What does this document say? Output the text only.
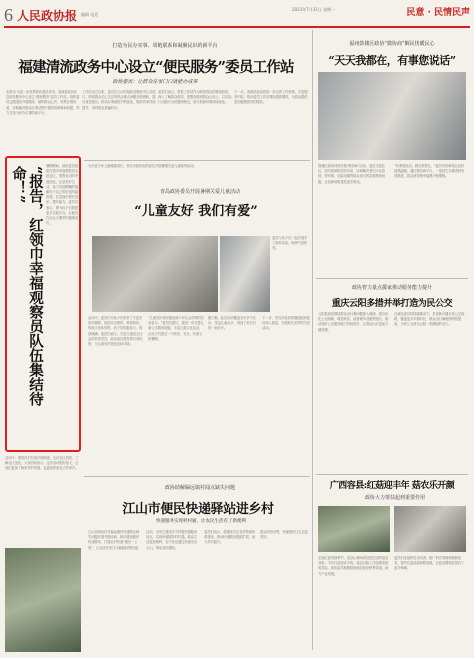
6 人民政协报 编辑 电话
2023年7月31日 星期一	民意 · 民情民声
打造为民办实事、周链联系和凝聚民识的新平台
福建清流政务中心设立“便民服务”委员工作站
政协委员：让群众在家门口就能办成事
本报讯 为进一步发挥政协委员作用，清流县政协在县政务服务中心设立“便民服务”委员工作站，组织委员定期进站开展服务，倾听群众心声，收集社情民意，协助解决群众办事过程中遇到的困难和问题，努力打造为民办实事的新平台。
工作站设立以来，委员们主动对接政务服务中心各窗口，围绕群众关心关注的热点难点问题开展调研，提出意见建议，推动办事流程不断优化，服务效率持续提升，得到群众普遍好评。
委员们表示，将把工作站作为联系群众的桥梁纽带，深入了解群众需求，把服务做到群众心坎上，以实际行动践行为民履职理念，助力营商环境持续优化。
下一步，清流县政协将进一步完善工作机制，丰富服务内容，推动委员工作站建设提质增效，为群众提供更加便捷高效的服务。
福州鼓楼区政协“微协商”解民忧暖民心
“天天我都在，有事您说话”
鼓楼区政协持续开展“微协商”活动，委员走进社区，面对面倾听居民诉求，协商解决老旧小区改造、停车难、加装电梯等群众身边的急难愁盼问题，让协商成果惠及更多群众。
“有事您说话，我们来帮忙。”委员们的承诺让居民倍感温暖。通过微协商平台，一批民生实事得到有效推进，群众获得感幸福感不断增强。
“报告，红领巾幸福观察员队伍集结待命！”	暑假期间，政协委员组织红领巾幸福观察员走进社区，观察身边的幸福变化，记录美好生活，孩子们用稚嫩的笔触写下自己的所见所闻所感，在实践中增长见识、提升能力。委员们表示，要为孩子们搭建更多实践平台，让他们在社会大课堂中健康成长。
活动中，观察员们分组开展调查，走访社区居民，了解社区变化。大家纷纷表示，这次活动很有意义，让他们更加了解家乡的发展，也更加热爱自己的家乡。
为关爱少年儿童健康成长，青岛市政协组织委员开展暑期关爱儿童系列活动。
青岛政协委员开展暑期关爱儿童活动
“儿童友好 我们有爱”
委员与孩子们一起开展手工制作活动，现场气氛热烈。
活动中，委员们为孩子们带来了丰富多彩的课程，包括安全教育、科普知识、传统文化体验等，孩子们积极参与，收获满满。委员们表示，关爱儿童是全社会的共同责任，政协委员要发挥自身优势，为儿童成长营造良好环境。
“儿童友好城市建设离不开社会各界的共同参与。”委员们建议，要进一步完善儿童公共服务设施，丰富儿童文化活动，让孩子们度过一个快乐、安全、有意义的暑假。
据了解，此次活动覆盖全市多个区市，受益儿童众多，得到了家长们的一致好评。
下一步，青岛市政协将继续组织委员深入基层，开展形式多样的关爱活动。
政协智力量点援家推动服务能力提升
重庆云阳多措并举打造为民公交
云阳县政协围绕群众出行难问题深入调研，提出优化公交线路、增加班次、改善候车设施等建议，推动城乡公交服务能力持续提升，让群众出行更加方便快捷。
在政协委员的持续推动下，县里新开通多条公交线路，覆盖更多乡镇村社，群众出行满意度明显提高，为民公交成为云阳一张靓丽的名片。
广西容县:红菇迎丰年 菇农乐开颜
政协大力帮扶起到重要作用
正值红菇采摘季节，容县山林间到处是忙碌的菇农身影。今年红菇迎来丰收，菇农们脸上洋溢着喜悦的笑容。政协委员积极帮助菇农拓宽销售渠道，助力产业发展。
委员们还组织技术培训，推广科学采摘和保鲜技术，提升红菇品质和附加值，让菇农增收致富有了更多保障。
政协助解偏远镇村闻点缺失问题
江山市便民快递驿站进乡村
快递服务实现村村通，让农民生活有了新便利
江山市政协针对偏远镇村快递网点缺失问题开展专题协商，推动建设便民快递驿站，打通农村快递“最后一公里”，让农民在家门口就能收寄快递。
目前，全市已建成多个村级快递服务站点，实现快递服务村村通，群众生活更加便利，农产品也通过快递走出大山，带动农民增收。
委员们表示，将继续关注农村物流体系建设，推动快递服务提质扩面，助力乡村振兴。
群众纷纷点赞，快递进村让生活更美好。
